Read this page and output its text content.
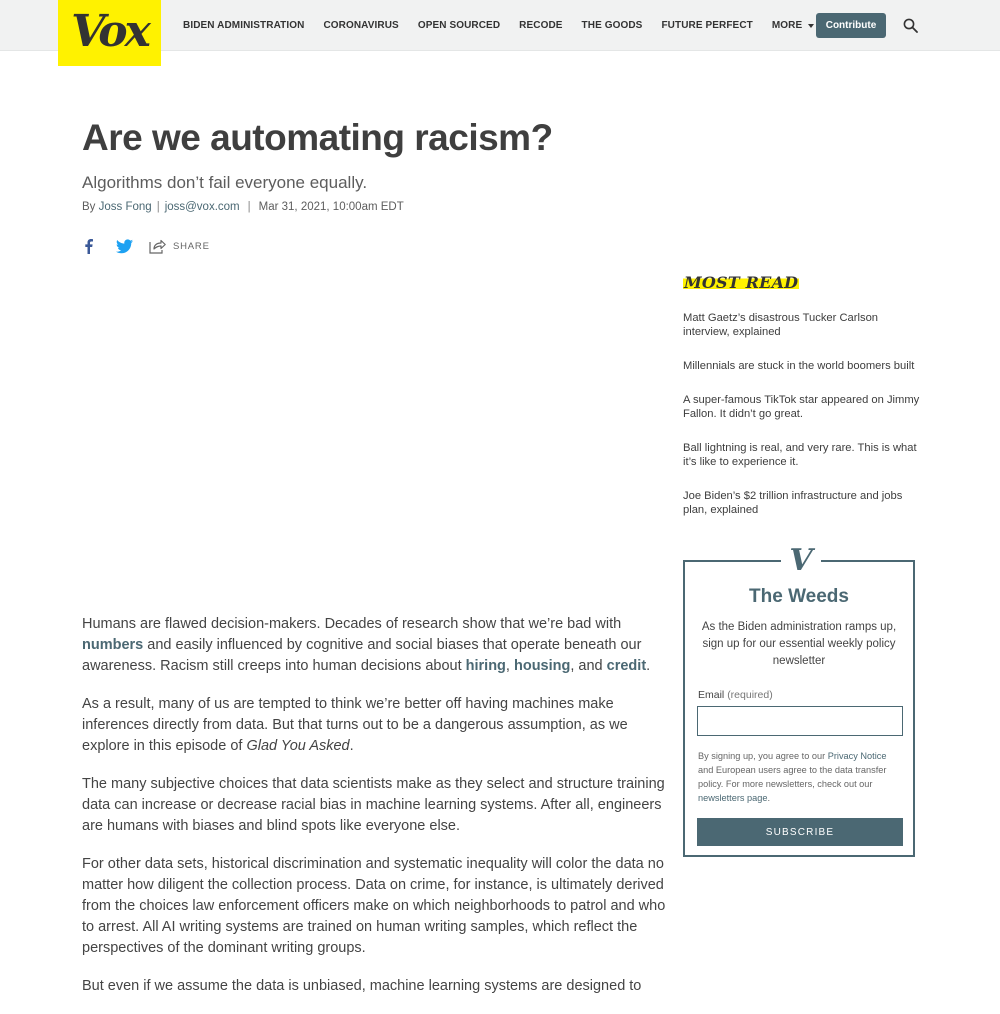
Vox	BIDEN ADMINISTRATION CORONAVIRUS OPEN SOURCED RECODE THE GOODS FUTURE PERFECT MORE	Contribute
Are we automating racism?

Algorithms don’t fail everyone equally.

By
Joss Fong | joss@vox.com | Mar 31, 2021, 10:00am EDT
SHARE

Humans are flawed decision-makers. Decades of research show that we’re bad with numbers and easily influenced by cognitive and social biases that operate beneath our awareness. Racism still creeps into human decisions about hiring, housing, and credit.

As a result, many of us are tempted to think we’re better off having machines make inferences directly from data. But that turns out to be a dangerous assumption, as we explore in this episode of Glad You Asked.

The many subjective choices that data scientists make as they select and structure training data can increase or decrease racial bias in machine learning systems. After all, engineers are humans with biases and blind spots like everyone else.

For other data sets, historical discrimination and systematic inequality will color the data no matter how diligent the collection process. Data on crime, for instance, is ultimately derived from the choices law enforcement officers make on which neighborhoods to patrol and who to arrest. All AI writing systems are trained on human writing samples, which reflect the perspectives of the dominant writing groups.

But even if we assume the data is unbiased, machine learning systems are designed to

MOST READ
Matt Gaetz’s disastrous Tucker Carlson interview, explained
Millennials are stuck in the world boomers built
A super-famous TikTok star appeared on Jimmy Fallon. It didn’t go great.
Ball lightning is real, and very rare. This is what it’s like to experience it.
Joe Biden’s $2 trillion infrastructure and jobs plan, explained
V
The Weeds
As the Biden administration ramps up, sign up for our essential weekly policy newsletter
Email (required)
By signing up, you agree to our Privacy Notice and European users agree to the data transfer policy. For more newsletters, check out our newsletters page.
SUBSCRIBE
